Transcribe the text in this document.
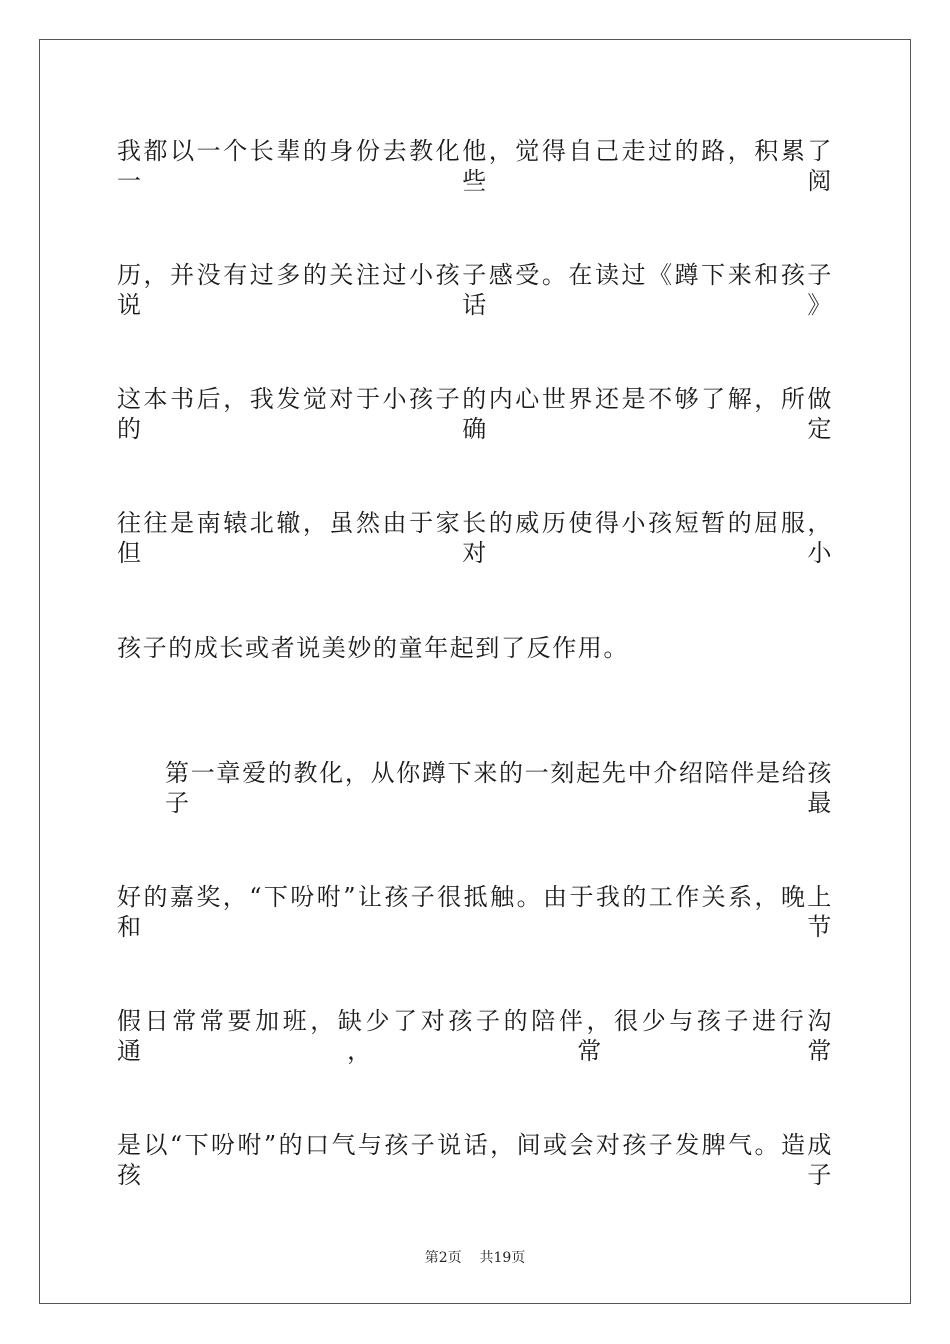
我都以一个长辈的身份去教化他，觉得自己走过的路，积累了一些阅
历，并没有过多的关注过小孩子感受。在读过《蹲下来和孩子说话》
这本书后，我发觉对于小孩子的内心世界还是不够了解，所做的确定
往往是南辕北辙，虽然由于家长的威历使得小孩短暂的屈服，但对小
孩子的成长或者说美妙的童年起到了反作用。
第一章爱的教化，从你蹲下来的一刻起先中介绍陪伴是给孩子最
好的嘉奖，“下吩咐”让孩子很抵触。由于我的工作关系，晚上和节
假日常常要加班，缺少了对孩子的陪伴，很少与孩子进行沟通，常常
是以“下吩咐”的口气与孩子说话，间或会对孩子发脾气。造成孩子
第2页 共19页
